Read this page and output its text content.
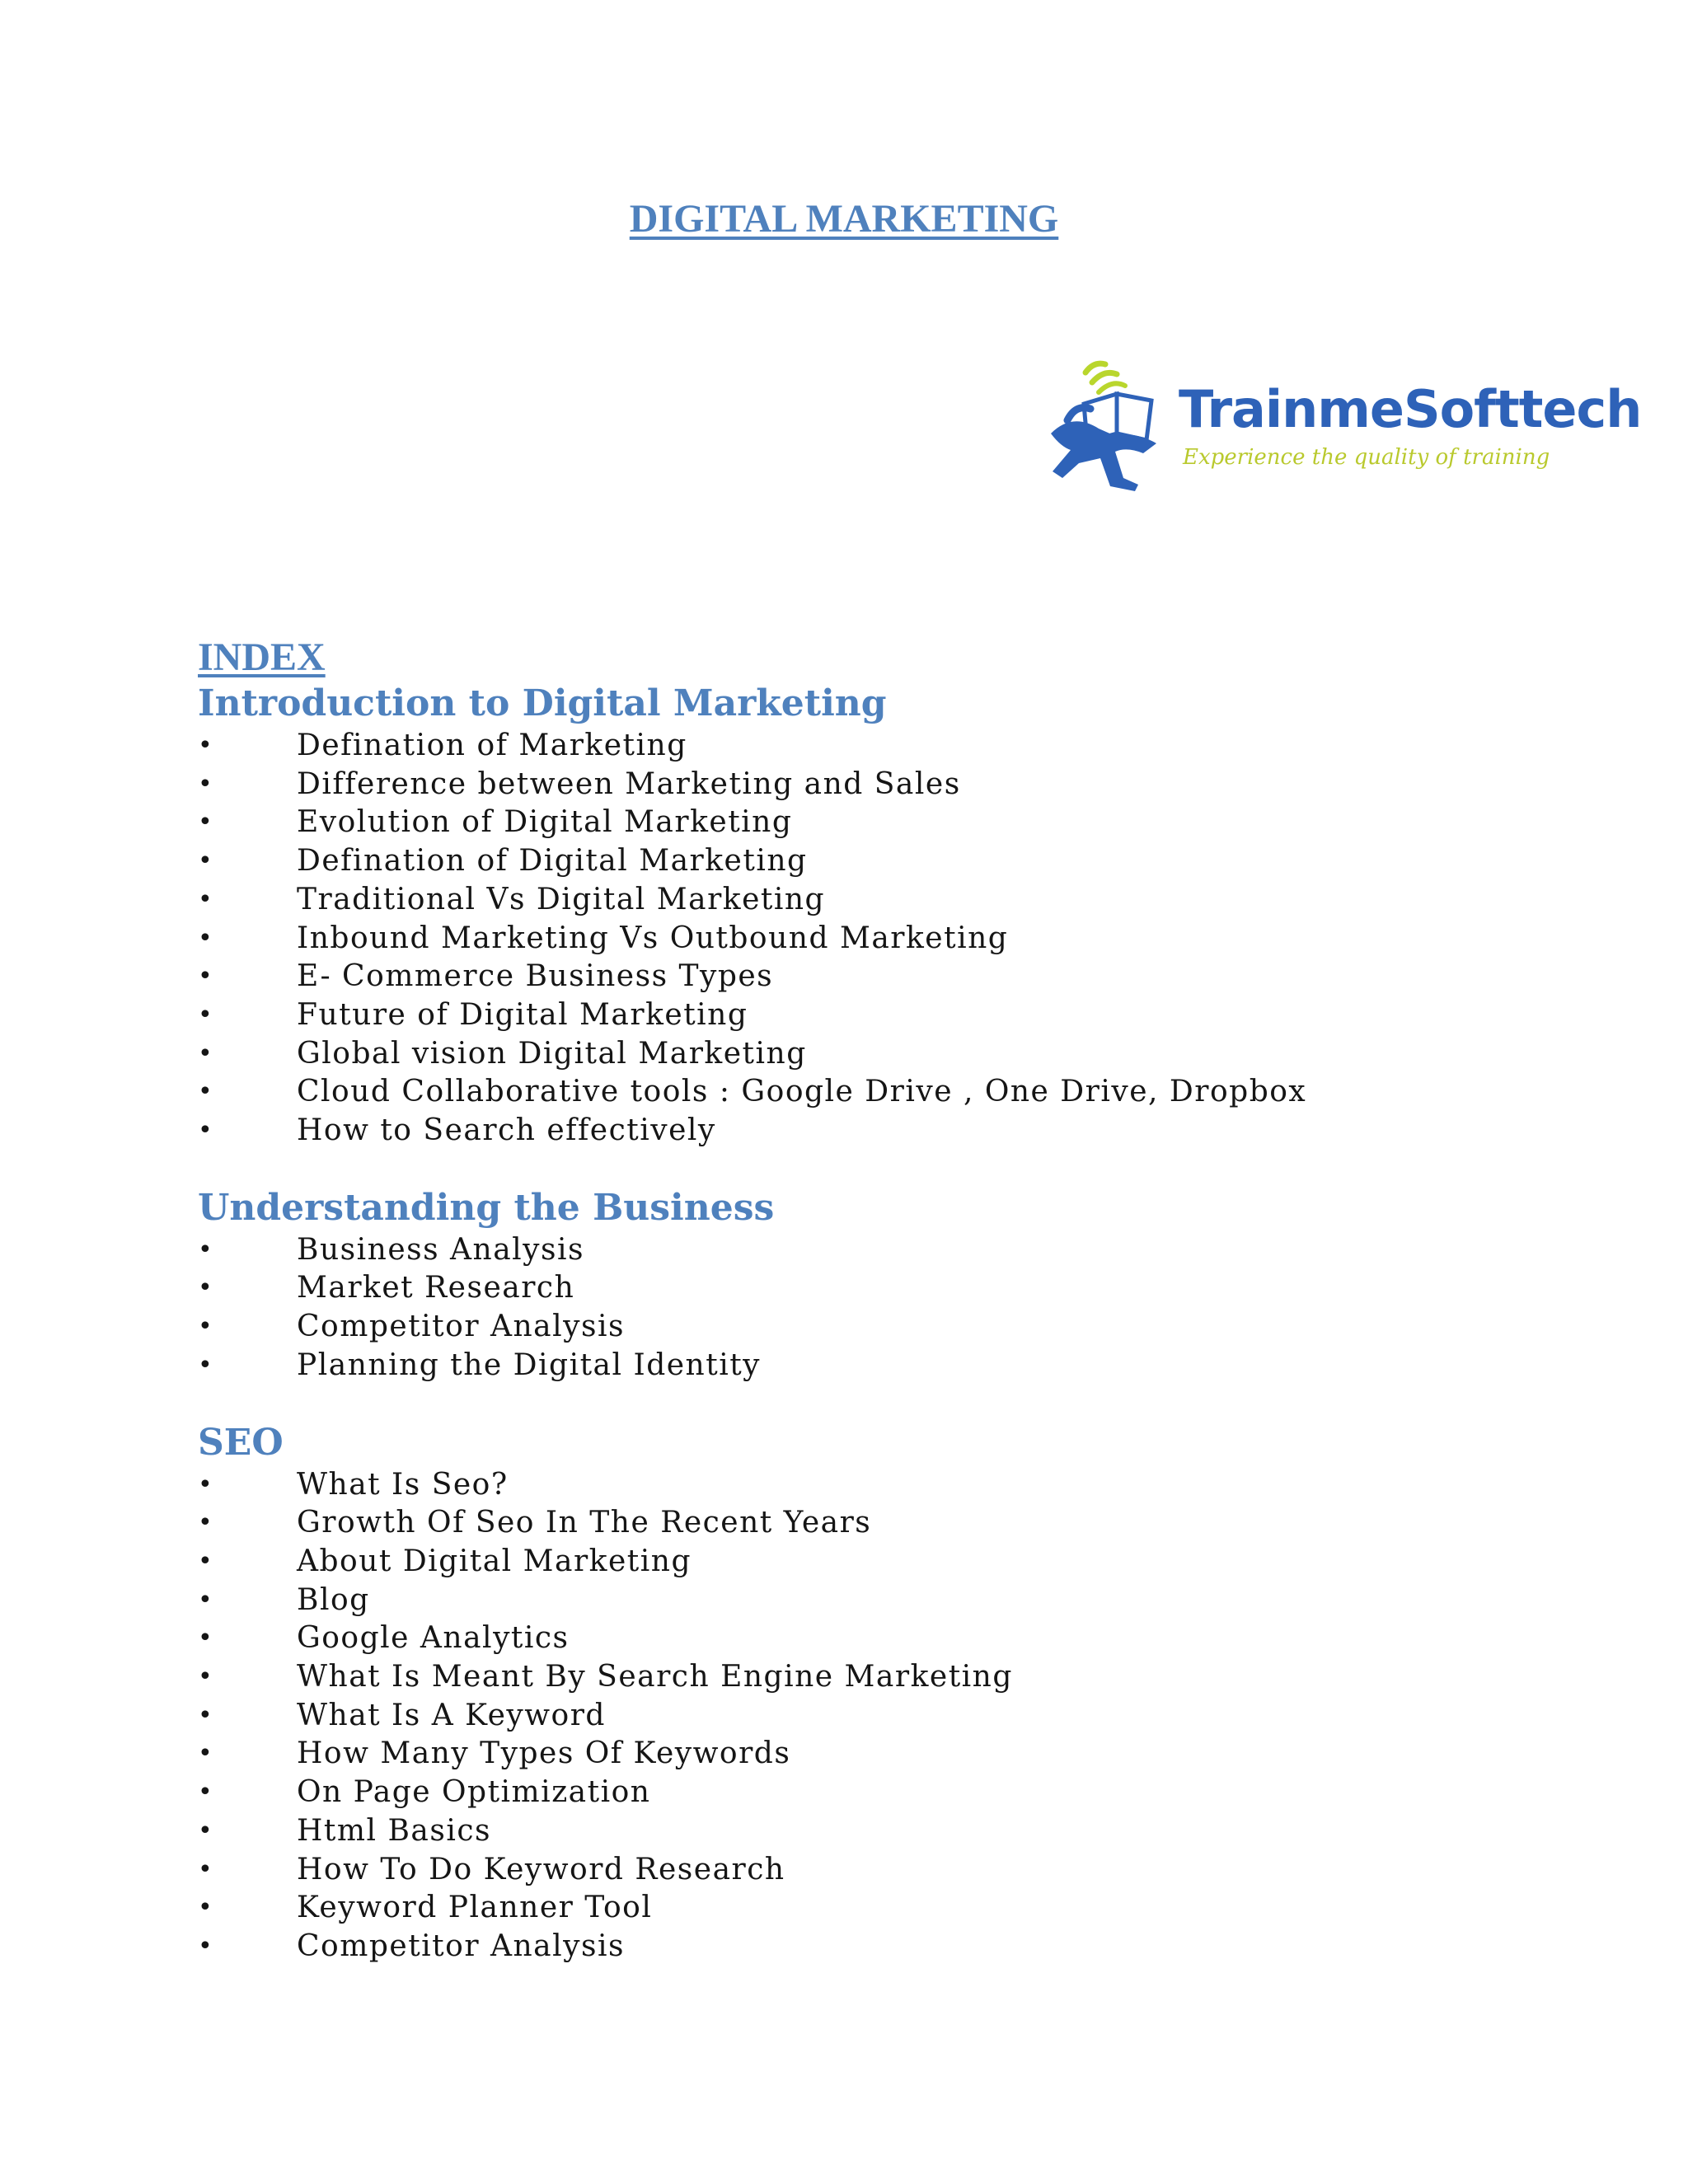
DIGITAL MARKETING
TrainmeSofttech
Experience the quality of training
INDEX
Introduction to Digital Marketing
•	Defination of Marketing
•	Difference between Marketing and Sales
•	Evolution of Digital Marketing
•	Defination of Digital Marketing
•	Traditional Vs Digital Marketing
•	Inbound Marketing Vs Outbound Marketing
•	E- Commerce Business Types
•	Future of Digital Marketing
•	Global vision Digital Marketing
•	Cloud Collaborative tools : Google Drive , One Drive, Dropbox
•	How to Search effectively
Understanding the Business
•	Business Analysis
•	Market Research
•	Competitor Analysis
•	Planning the Digital Identity
SEO
•	What Is Seo?
•	Growth Of Seo In The Recent Years
•	About Digital Marketing
•	Blog
•	Google Analytics
•	What Is Meant By Search Engine Marketing
•	What Is A Keyword
•	How Many Types Of Keywords
•	On Page Optimization
•	Html Basics
•	How To Do Keyword Research
•	Keyword Planner Tool
•	Competitor Analysis
